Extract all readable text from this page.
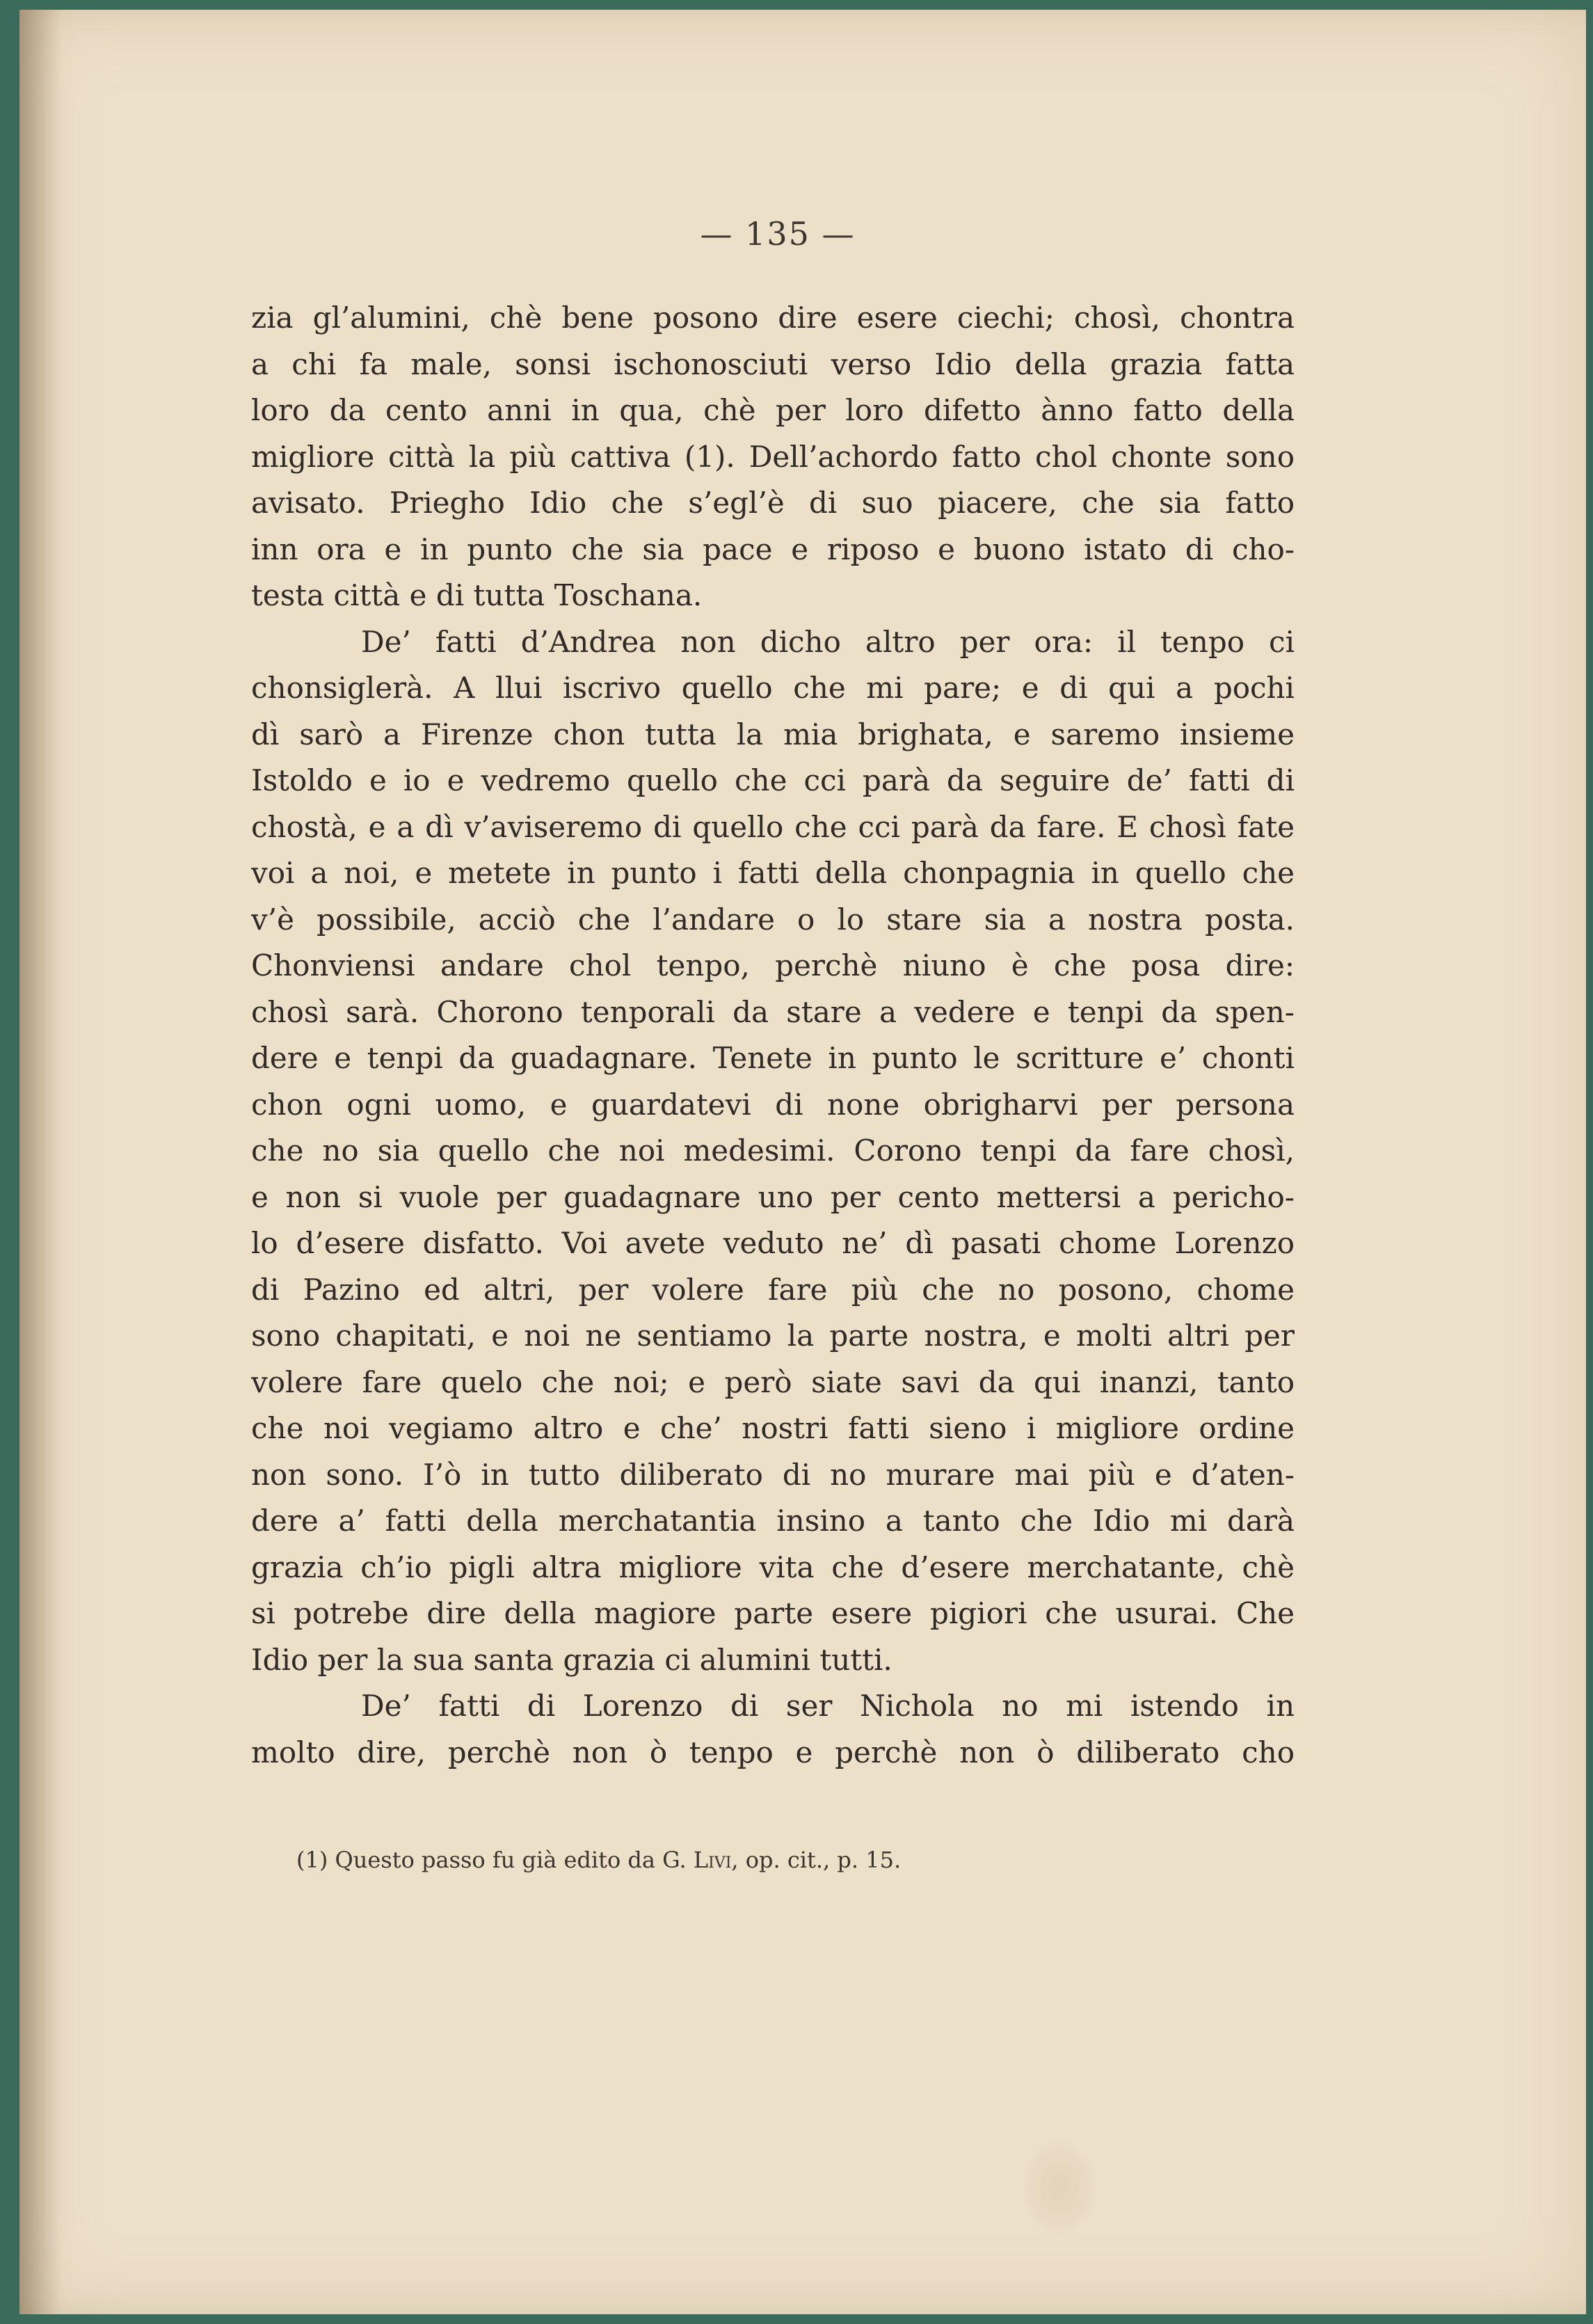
— 135 —
zia gl’alumini, chè bene posono dire esere ciechi; chosì, chontra
a chi fa male, sonsi ischonosciuti verso Idio della grazia fatta
loro da cento anni in qua, chè per loro difetto ànno fatto della
migliore città la più cattiva (1). Dell’achordo fatto chol chonte sono
avisato. Priegho Idio che s’egl’è di suo piacere, che sia fatto
inn ora e in punto che sia pace e riposo e buono istato di cho-
testa città e di tutta Toschana.
De’ fatti d’Andrea non dicho altro per ora: il tenpo ci
chonsiglerà. A llui iscrivo quello che mi pare; e di qui a pochi
dì sarò a Firenze chon tutta la mia brighata, e saremo insieme
Istoldo e io e vedremo quello che cci parà da seguire de’ fatti di
chostà, e a dì v’aviseremo di quello che cci parà da fare. E chosì fate
voi a noi, e metete in punto i fatti della chonpagnia in quello che
v’è possibile, acciò che l’andare o lo stare sia a nostra posta.
Chonviensi andare chol tenpo, perchè niuno è che posa dire:
chosì sarà. Chorono tenporali da stare a vedere e tenpi da spen-
dere e tenpi da guadagnare. Tenete in punto le scritture e’ chonti
chon ogni uomo, e guardatevi di none obrigharvi per persona
che no sia quello che noi medesimi. Corono tenpi da fare chosì,
e non si vuole per guadagnare uno per cento mettersi a pericho-
lo d’esere disfatto. Voi avete veduto ne’ dì pasati chome Lorenzo
di Pazino ed altri, per volere fare più che no posono, chome
sono chapitati, e noi ne sentiamo la parte nostra, e molti altri per
volere fare quelo che noi; e però siate savi da qui inanzi, tanto
che noi vegiamo altro e che’ nostri fatti sieno i migliore ordine
non sono. I’ò in tutto diliberato di no murare mai più e d’aten-
dere a’ fatti della merchatantia insino a tanto che Idio mi darà
grazia ch’io pigli altra migliore vita che d’esere merchatante, chè
si potrebe dire della magiore parte esere pigiori che usurai. Che
Idio per la sua santa grazia ci alumini tutti.
De’ fatti di Lorenzo di ser Nichola no mi istendo in
molto dire, perchè non ò tenpo e perchè non ò diliberato cho
(1) Questo passo fu già edito da G. Livi, op. cit., p. 15.
